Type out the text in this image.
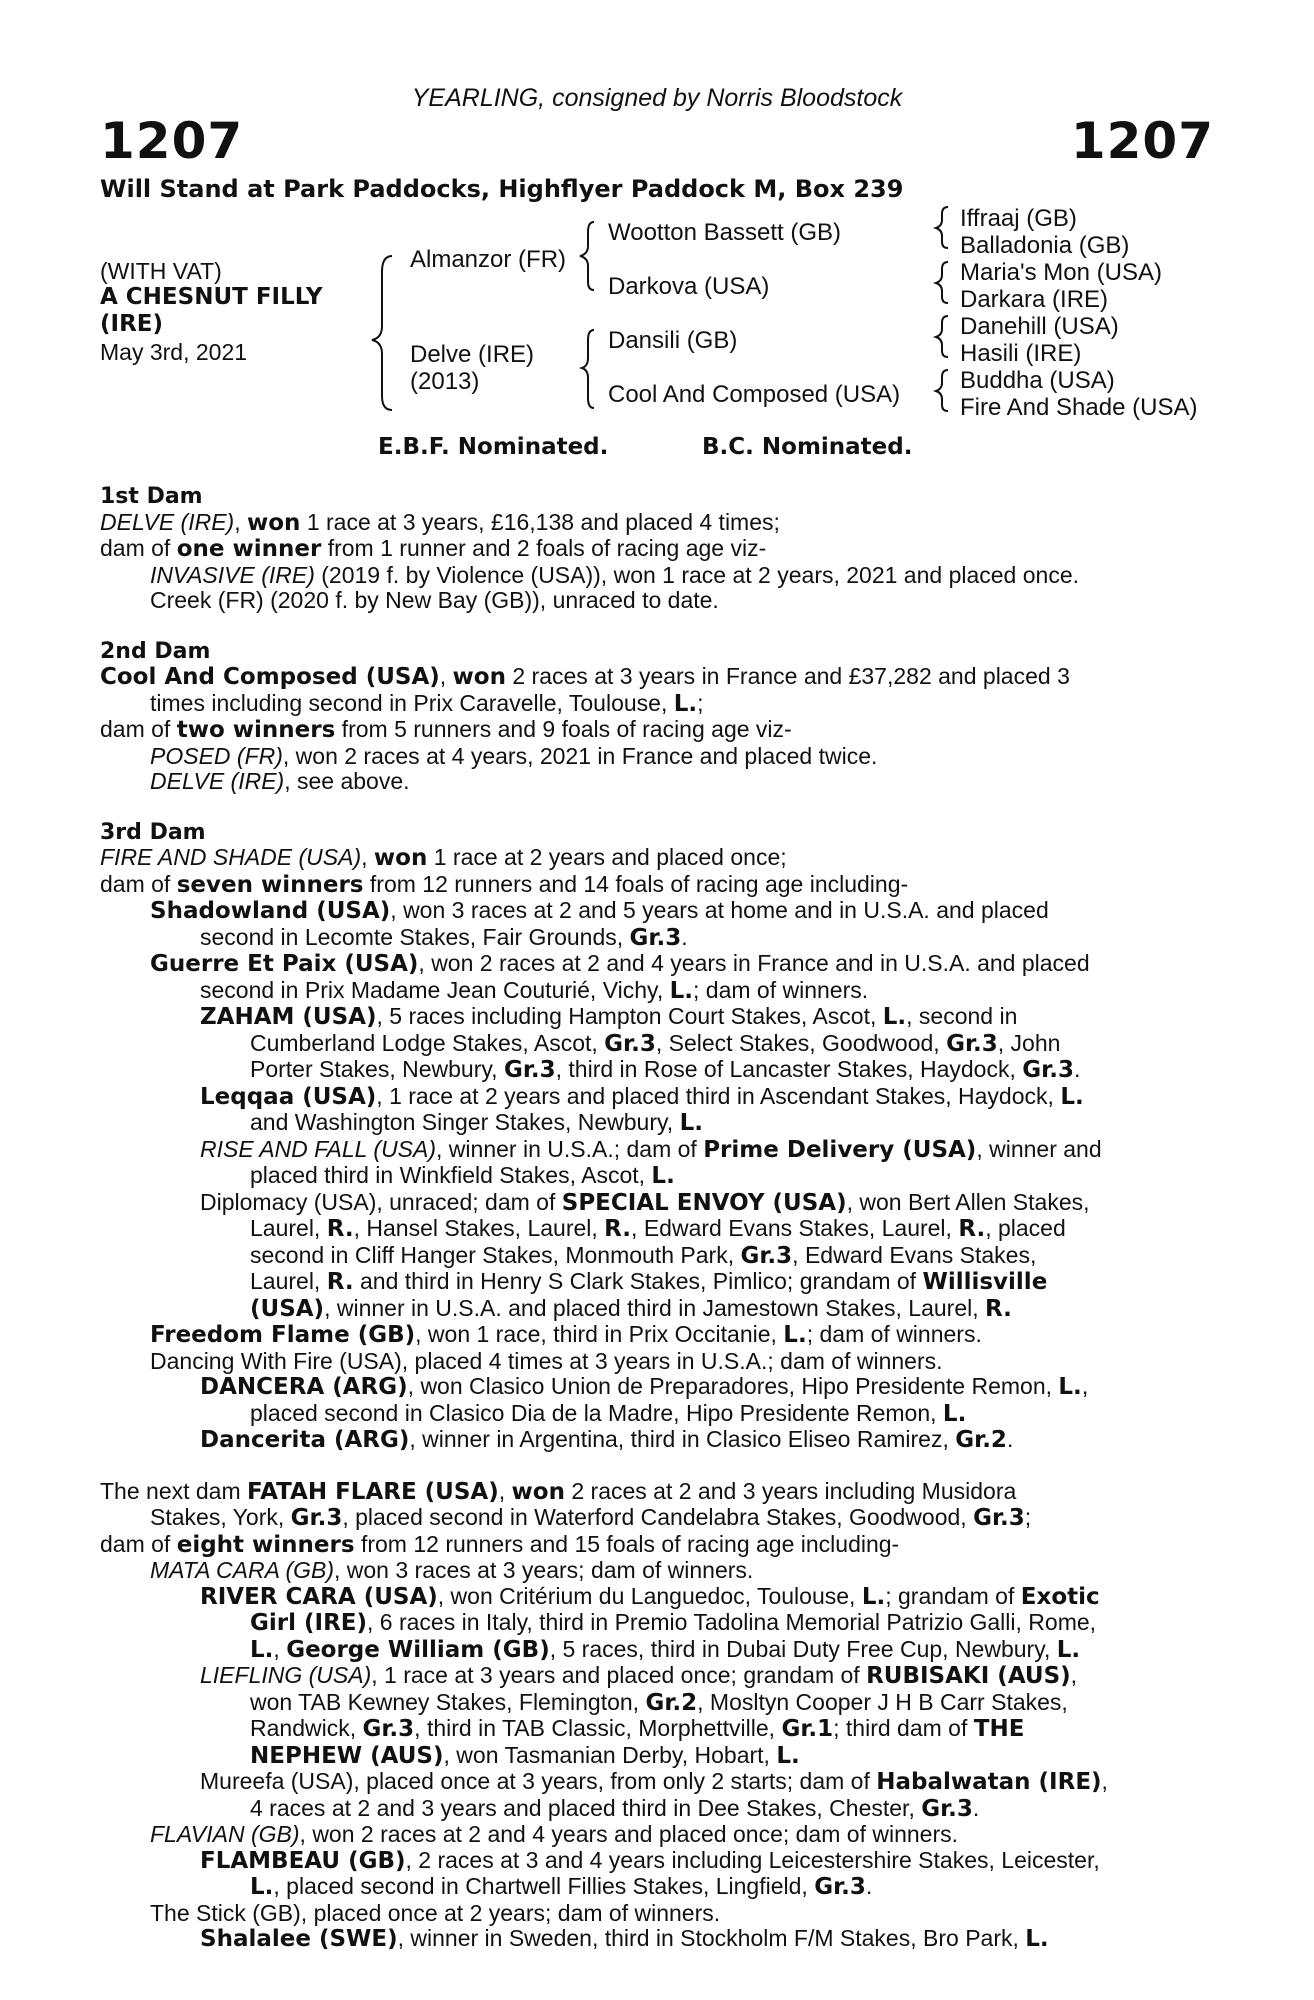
YEARLING, consigned by Norris Bloodstock
1207	1207
Will Stand at Park Paddocks, Highflyer Paddock M, Box 239
(WITH VAT)
A CHESNUT FILLY
(IRE)
May 3rd, 2021
Almanzor (FR)
Delve (IRE)
(2013)
Wootton Bassett (GB)
Darkova (USA)
Dansili (GB)
Cool And Composed (USA)
Iffraaj (GB)
Balladonia (GB)
Maria's Mon (USA)
Darkara (IRE)
Danehill (USA)
Hasili (IRE)
Buddha (USA)
Fire And Shade (USA)
E.B.F. Nominated.	B.C. Nominated.
1st Dam
DELVE (IRE), won 1 race at 3 years, £16,138 and placed 4 times;
dam of one winner from 1 runner and 2 foals of racing age viz-
INVASIVE (IRE) (2019 f. by Violence (USA)), won 1 race at 2 years, 2021 and placed once.
Creek (FR) (2020 f. by New Bay (GB)), unraced to date.
2nd Dam
Cool And Composed (USA), won 2 races at 3 years in France and £37,282 and placed 3
times including second in Prix Caravelle, Toulouse, L.;
dam of two winners from 5 runners and 9 foals of racing age viz-
POSED (FR), won 2 races at 4 years, 2021 in France and placed twice.
DELVE (IRE), see above.
3rd Dam
FIRE AND SHADE (USA), won 1 race at 2 years and placed once;
dam of seven winners from 12 runners and 14 foals of racing age including-
Shadowland (USA), won 3 races at 2 and 5 years at home and in U.S.A. and placed
second in Lecomte Stakes, Fair Grounds, Gr.3.
Guerre Et Paix (USA), won 2 races at 2 and 4 years in France and in U.S.A. and placed
second in Prix Madame Jean Couturié, Vichy, L.; dam of winners.
ZAHAM (USA), 5 races including Hampton Court Stakes, Ascot, L., second in
Cumberland Lodge Stakes, Ascot, Gr.3, Select Stakes, Goodwood, Gr.3, John
Porter Stakes, Newbury, Gr.3, third in Rose of Lancaster Stakes, Haydock, Gr.3.
Leqqaa (USA), 1 race at 2 years and placed third in Ascendant Stakes, Haydock, L.
and Washington Singer Stakes, Newbury, L.
RISE AND FALL (USA), winner in U.S.A.; dam of Prime Delivery (USA), winner and
placed third in Winkfield Stakes, Ascot, L.
Diplomacy (USA), unraced; dam of SPECIAL ENVOY (USA), won Bert Allen Stakes,
Laurel, R., Hansel Stakes, Laurel, R., Edward Evans Stakes, Laurel, R., placed
second in Cliff Hanger Stakes, Monmouth Park, Gr.3, Edward Evans Stakes,
Laurel, R. and third in Henry S Clark Stakes, Pimlico; grandam of Willisville
(USA), winner in U.S.A. and placed third in Jamestown Stakes, Laurel, R.
Freedom Flame (GB), won 1 race, third in Prix Occitanie, L.; dam of winners.
Dancing With Fire (USA), placed 4 times at 3 years in U.S.A.; dam of winners.
DANCERA (ARG), won Clasico Union de Preparadores, Hipo Presidente Remon, L.,
placed second in Clasico Dia de la Madre, Hipo Presidente Remon, L.
Dancerita (ARG), winner in Argentina, third in Clasico Eliseo Ramirez, Gr.2.
The next dam FATAH FLARE (USA), won 2 races at 2 and 3 years including Musidora
Stakes, York, Gr.3, placed second in Waterford Candelabra Stakes, Goodwood, Gr.3;
dam of eight winners from 12 runners and 15 foals of racing age including-
MATA CARA (GB), won 3 races at 3 years; dam of winners.
RIVER CARA (USA), won Critérium du Languedoc, Toulouse, L.; grandam of Exotic
Girl (IRE), 6 races in Italy, third in Premio Tadolina Memorial Patrizio Galli, Rome,
L., George William (GB), 5 races, third in Dubai Duty Free Cup, Newbury, L.
LIEFLING (USA), 1 race at 3 years and placed once; grandam of RUBISAKI (AUS),
won TAB Kewney Stakes, Flemington, Gr.2, Mosltyn Cooper J H B Carr Stakes,
Randwick, Gr.3, third in TAB Classic, Morphettville, Gr.1; third dam of THE
NEPHEW (AUS), won Tasmanian Derby, Hobart, L.
Mureefa (USA), placed once at 3 years, from only 2 starts; dam of Habalwatan (IRE),
4 races at 2 and 3 years and placed third in Dee Stakes, Chester, Gr.3.
FLAVIAN (GB), won 2 races at 2 and 4 years and placed once; dam of winners.
FLAMBEAU (GB), 2 races at 3 and 4 years including Leicestershire Stakes, Leicester,
L., placed second in Chartwell Fillies Stakes, Lingfield, Gr.3.
The Stick (GB), placed once at 2 years; dam of winners.
Shalalee (SWE), winner in Sweden, third in Stockholm F/M Stakes, Bro Park, L.
